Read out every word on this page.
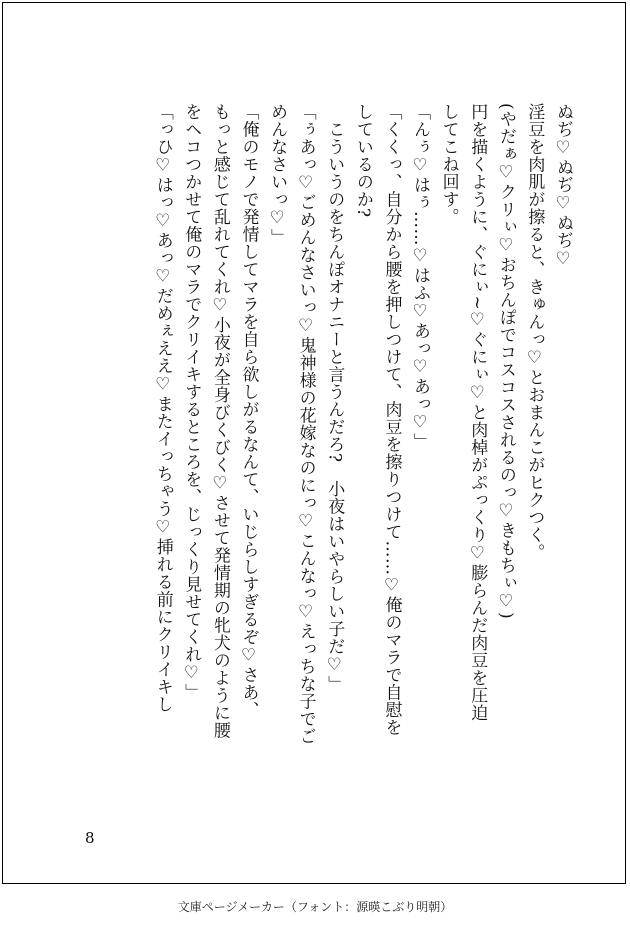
ぬぢ♡ぬぢ♡ぬぢ♡
淫豆を肉肌が擦ると、きゅんっ♡とおまんこがヒクつく。
(やだぁ♡クリぃ♡おちんぽでコスコスされるのっ♡きもちぃ♡)
円を描くように、ぐにぃ~♡ぐにぃ♡と肉棹がぷっくり♡膨らんだ肉豆を圧迫
してこね回す。
「んぅ♡はぅ……♡はふ♡あっ♡あっ♡」
「くくっ、自分から腰を押しつけて、肉豆を擦りつけて……♡俺のマラで自慰を
しているのか?
　こういうのをちんぽオナニーと言うんだろ?　小夜はいやらしい子だ♡」
「ぅあっ♡ごめんなさいっ♡鬼神様の花嫁なのにっ♡こんなっ♡えっちな子でご
めんなさいっ♡」
「俺のモノで発情してマラを自ら欲しがるなんて、いじらしすぎるぞ♡さあ、
もっと感じて乱れてくれ♡小夜が全身びくびく♡させて発情期の牝犬のように腰
をヘコつかせて俺のマラでクリイキするところを、じっくり見せてくれ♡」
「っひ♡はっ♡あっ♡だめぇええ♡またイっちゃう♡挿れる前にクリイキし
8
文庫ページメーカー（フォント：源暎こぶり明朝）
